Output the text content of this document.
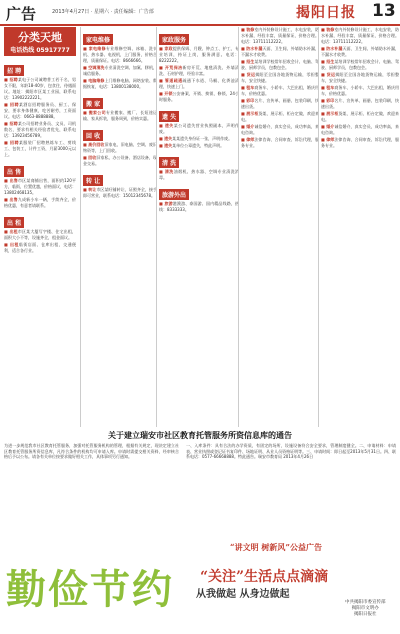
广告	2013年4月27日 · 星期六 · 责任编辑：广告部	揭阳日报 13
分类天地
电话热线 05917777
招 聘

■ 招聘某电子公司诚聘普工若干名，男女不限，年龄18-40岁，包食住，待遇面议。地址：揭阳市区某工业园，联系电话：13902222221。

■ 招聘某酒店招聘服务员、厨工、保安，要求身体健康，吃苦耐劳，工资面议。电话：0663-8888888。

■ 招聘某公司招聘业务员、文员、司机数名，要求有相关经验者优先，联系电话：13923456789。

■ 招聘某服装厂招聘熟练车工、剪线工、包装工，计件工资，月薪3000元以上。

出 售

■ 出售市区某商铺出售，面积约120平方，临街，位置优越，价格面议，电话：13802468135。

■ 出售九成新小车一辆，手续齐全，价格优惠，有意者请联系。

出 租

■ 出租市区某大厦写字楼、住宅出租，面积大小不等，设施齐全，租金面议。

■ 出租临街店面、仓库出租，交通便利，适合各行业。

家电维修

■ 家电维修专业维修空调、冰箱、洗衣机、热水器、电视机，上门服务，价格合理，质量保证。电话：8666666。

■ 空调清洗专业清洗空调、加氟、移机，诚信服务。

■ 电脑维修上门维修电脑、网络安装、数据恢复，电话：13800138000。

搬 家

■ 搬家公司专业搬家、搬厂、长短途运输、家具拆装，服务周到，价格实惠。

回 收

■ 高价回收旧家电、旧电脑、空调、废旧物资等，上门回收。

■ 回收旧家私、办公设备、酒店设备，现金交易。

转 让

■ 转让市区某旺铺转让，证照齐全，接手即可营业，联系电话：15012345678。

家政服务

■ 家政提供保姆、月嫂、钟点工、护工，专业培训，持证上岗，服务满意。电话：8222222。

■ 开荒保洁新房开荒、地毯清洗、外墙清洗、石材护理，经验丰富。

■ 管道疏通疏通下水道、马桶、化粪池清理，快速上门。

■ 开锁公安备案，开锁、换锁、修锁，24小时服务。

遗 失

■ 遗失某公司遗失营业执照副本，声明作废。

■ 遗失某某遗失身份证一张，声明作废。

■ 遗失某单位公章遗失，特此声明。

清 洗

■ 清洗油烟机、热水器、空调专业清洗消毒。

旅游外出

■ 旅游港澳游、泰国游、国内精品线路，热线：8333333。

■ 装修室内外装修设计施工，水电安装，防水补漏，经验丰富，质量保证，价格合理。电话：13711112222。

■ 防水补漏天面、卫生间、外墙防水补漏，不漏水才收费。

■ 招生某培训学校常年招收会计、电脑、驾驶、厨师学员，包教包会。

■ 货运揭阳至全国各地货物运输，零担整车，安全快捷。

■ 租车商务车、小轿车、大巴出租，婚庆用车，价格优惠。

■ 彩印名片、宣传单、画册、包装印刷，快速出货。

■ 展示柜货架、展示柜、柜台定做，欢迎来电。

■ 婚介诚信婚介，真实会员，成功率高，来电咨询。

■ 律师法律咨询、合同审查、诉讼代理，服务专业。

■ 装修室内外装修设计施工，水电安装，防水补漏，经验丰富，质量保证，价格合理。电话：13711112222。

■ 防水补漏天面、卫生间、外墙防水补漏，不漏水才收费。

■ 招生某培训学校常年招收会计、电脑、驾驶、厨师学员，包教包会。

■ 货运揭阳至全国各地货物运输，零担整车，安全快捷。

■ 租车商务车、小轿车、大巴出租，婚庆用车，价格优惠。

■ 彩印名片、宣传单、画册、包装印刷，快速出货。

■ 展示柜货架、展示柜、柜台定做，欢迎来电。

■ 婚介诚信婚介，真实会员，成功率高，来电咨询。

■ 律师法律咨询、合同审查、诉讼代理，服务专业。

关于建立瑞安市社区教育托管服务所资信息库的通告

为进一步规范我市社区教育托管服务，加强对托管服务机构的管理，根据有关规定，现决定建立社区教育托管服务所资信息库，凡符合条件的机构均可申请入库。申请时需提交相关资料，经审核合格后予以公布。请各有关单位按要求做好相关工作，具体事项另行通知。

一、入库条件：具有合法的办学资质，有固定的场所，设施设备符合安全要求，管理制度健全。二、申请材料：申请表、营业执照或登记证书复印件、场地证明、从业人员资格证明等。三、申请时间：即日起至2013年5月31日。四、联系电话：0577-66668888。特此通告。瑞安市教育局 2013年4月26日

“讲文明 树新风”公益广告
勤俭节约 “关注”生活点点滴滴
从我做起 从身边做起
中共揭阳市委宣传部
揭阳市文明办
揭阳日报社
